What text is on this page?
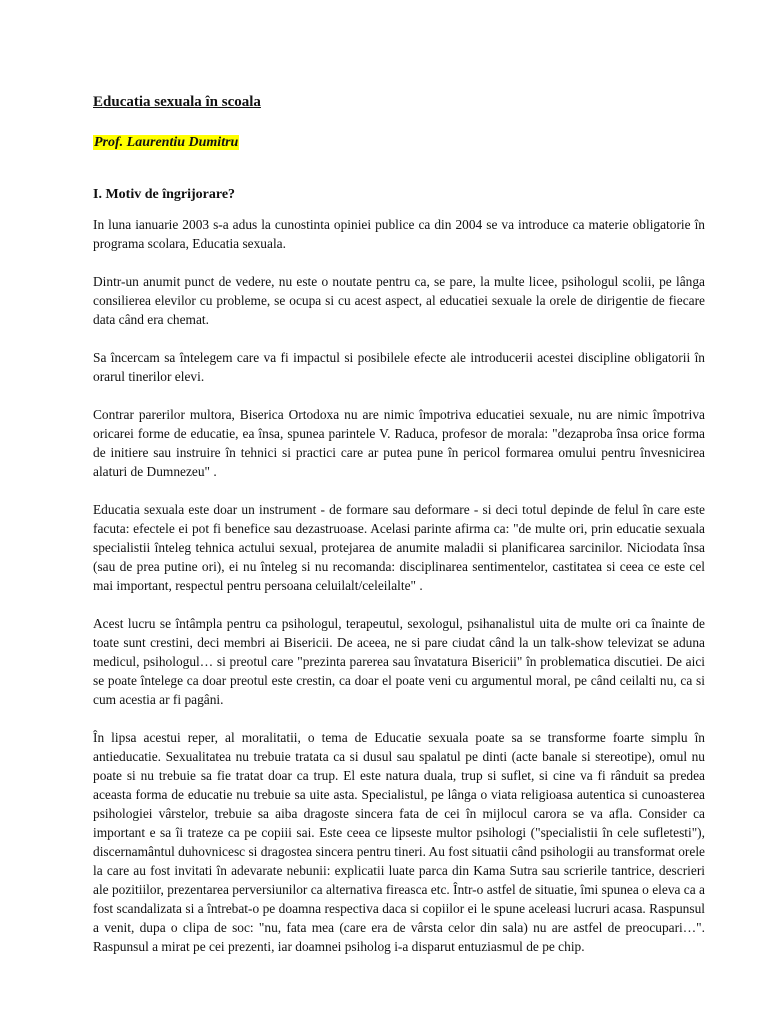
Educatia sexuala în scoala
Prof. Laurentiu Dumitru
I. Motiv de îngrijorare?

In luna ianuarie 2003 s-a adus la cunostinta opiniei publice ca din 2004 se va introduce ca materie obligatorie în programa scolara, Educatia sexuala.

Dintr-un anumit punct de vedere, nu este o noutate pentru ca, se pare, la multe licee, psihologul scolii, pe lânga consilierea elevilor cu probleme, se ocupa si cu acest aspect, al educatiei sexuale la orele de dirigentie de fiecare data când era chemat.

Sa încercam sa întelegem care va fi impactul si posibilele efecte ale introducerii acestei discipline obligatorii în orarul tinerilor elevi.

Contrar parerilor multora, Biserica Ortodoxa nu are nimic împotriva educatiei sexuale, nu are nimic împotriva oricarei forme de educatie, ea însa, spunea parintele V. Raduca, profesor de morala: "dezaproba însa orice forma de initiere sau instruire în tehnici si practici care ar putea pune în pericol formarea omului pentru învesnicirea alaturi de Dumnezeu" .

Educatia sexuala este doar un instrument - de formare sau deformare - si deci totul depinde de felul în care este facuta: efectele ei pot fi benefice sau dezastruoase. Acelasi parinte afirma ca: "de multe ori, prin educatie sexuala specialistii înteleg tehnica actului sexual, protejarea de anumite maladii si planificarea sarcinilor. Niciodata însa (sau de prea putine ori), ei nu înteleg si nu recomanda: disciplinarea sentimentelor, castitatea si ceea ce este cel mai important, respectul pentru persoana celuilalt/celeilalte" .

Acest lucru se întâmpla pentru ca psihologul, terapeutul, sexologul, psihanalistul uita de multe ori ca înainte de toate sunt crestini, deci membri ai Bisericii. De aceea, ne si pare ciudat când la un talk-show televizat se aduna medicul, psihologul… si preotul care "prezinta parerea sau învatatura Bisericii" în problematica discutiei. De aici se poate întelege ca doar preotul este crestin, ca doar el poate veni cu argumentul moral, pe când ceilalti nu, ca si cum acestia ar fi pagâni.

În lipsa acestui reper, al moralitatii, o tema de Educatie sexuala poate sa se transforme foarte simplu în antieducatie. Sexualitatea nu trebuie tratata ca si dusul sau spalatul pe dinti (acte banale si stereotipe), omul nu poate si nu trebuie sa fie tratat doar ca trup. El este natura duala, trup si suflet, si cine va fi rânduit sa predea aceasta forma de educatie nu trebuie sa uite asta. Specialistul, pe lânga o viata religioasa autentica si cunoasterea psihologiei vârstelor, trebuie sa aiba dragoste sincera fata de cei în mijlocul carora se va afla. Consider ca important e sa îi trateze ca pe copiii sai. Este ceea ce lipseste multor psihologi ("specialistii în cele sufletesti"), discernamântul duhovnicesc si dragostea sincera pentru tineri. Au fost situatii când psihologii au transformat orele la care au fost invitati în adevarate nebunii: explicatii luate parca din Kama Sutra sau scrierile tantrice, descrieri ale pozitiilor, prezentarea perversiunilor ca alternativa fireasca etc. Într-o astfel de situatie, îmi spunea o eleva ca a fost scandalizata si a întrebat-o pe doamna respectiva daca si copiilor ei le spune aceleasi lucruri acasa. Raspunsul a venit, dupa o clipa de soc: "nu, fata mea (care era de vârsta celor din sala) nu are astfel de preocupari…". Raspunsul a mirat pe cei prezenti, iar doamnei psiholog i-a disparut entuziasmul de pe chip.
